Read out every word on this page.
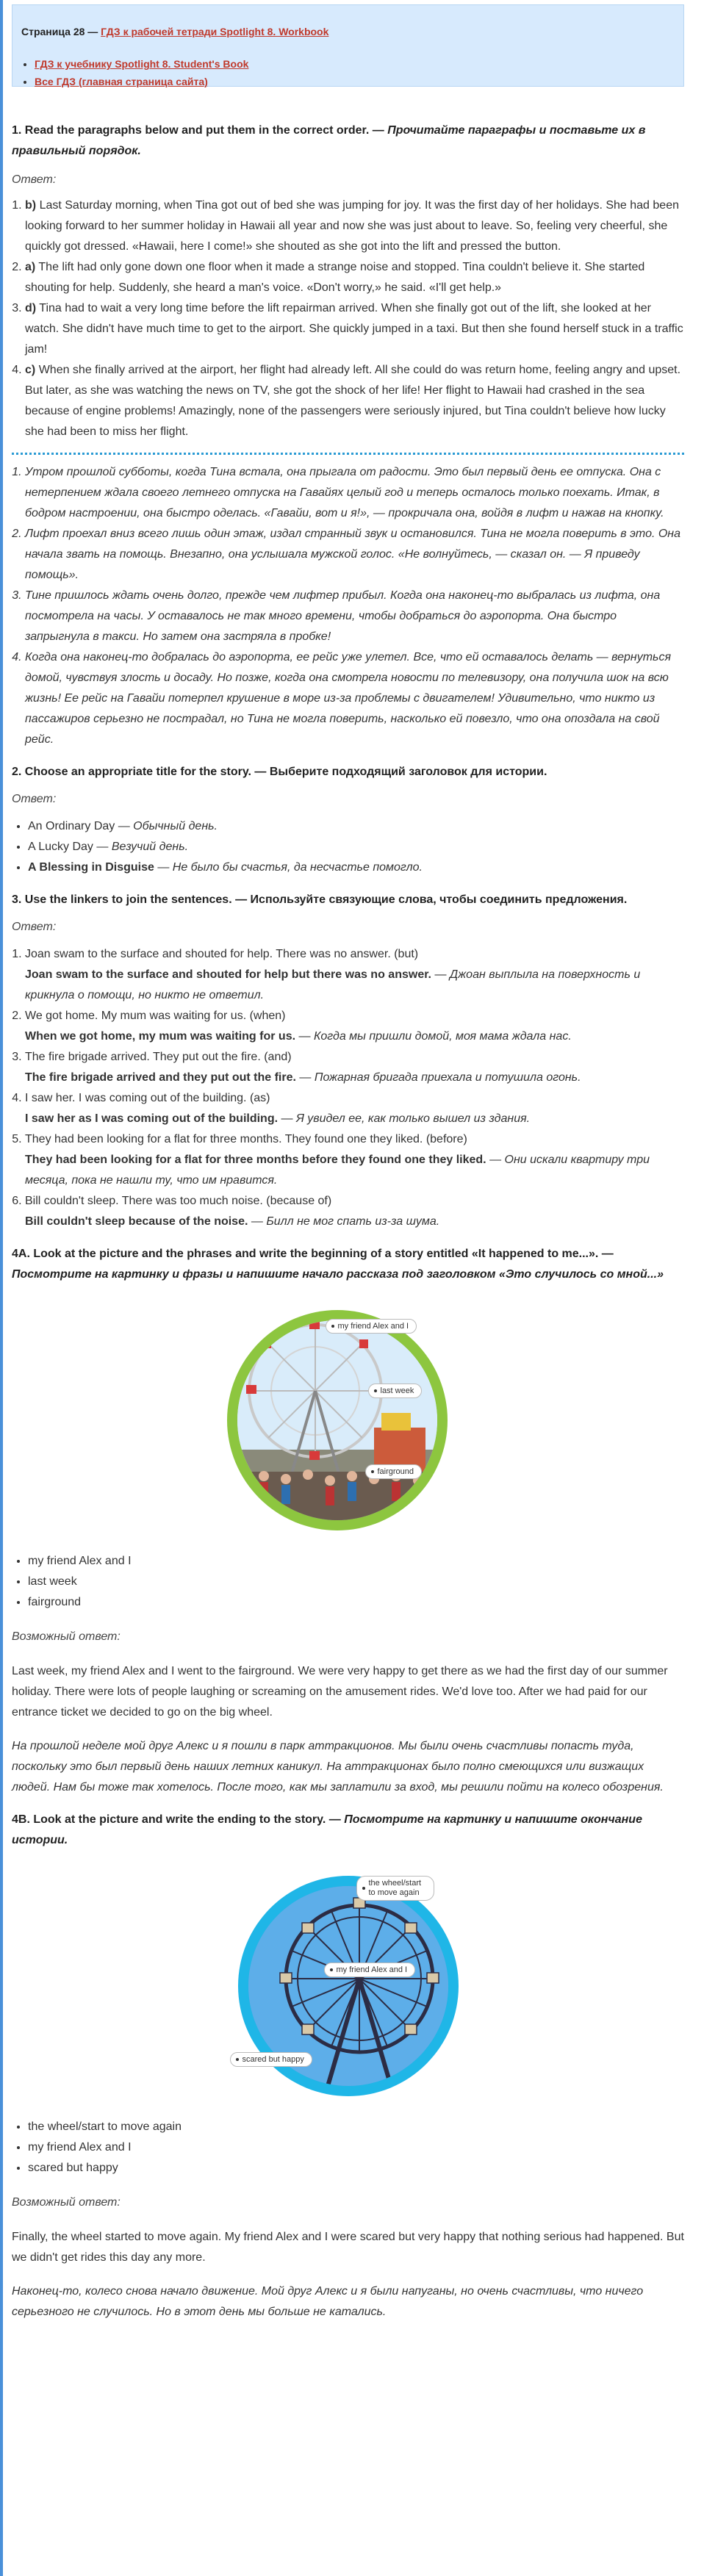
Страница 28 — ГДЗ к рабочей тетради Spotlight 8. Workbook
• ГДЗ к учебнику Spotlight 8. Student's Book
• Все ГДЗ (главная страница сайта)
1. Read the paragraphs below and put them in the correct order. — Прочитайте параграфы и поставьте их в правильный порядок.

Ответ:

1. b) Last Saturday morning, when Tina got out of bed she was jumping for joy. It was the first day of her holidays. She had been looking forward to her summer holiday in Hawaii all year and now she was just about to leave. So, feeling very cheerful, she quickly got dressed. «Hawaii, here I come!» she shouted as she got into the lift and pressed the button.
2. a) The lift had only gone down one floor when it made a strange noise and stopped. Tina couldn't believe it. She started shouting for help. Suddenly, she heard a man's voice. «Don't worry,» he said. «I'll get help.»
3. d) Tina had to wait a very long time before the lift repairman arrived. When she finally got out of the lift, she looked at her watch. She didn't have much time to get to the airport. She quickly jumped in a taxi. But then she found herself stuck in a traffic jam!
4. c) When she finally arrived at the airport, her flight had already left. All she could do was return home, feeling angry and upset. But later, as she was watching the news on TV, she got the shock of her life! Her flight to Hawaii had crashed in the sea because of engine problems! Amazingly, none of the passengers were seriously injured, but Tina couldn't believe how lucky she had been to miss her flight.
1. Утром прошлой субботы, когда Тина встала, она прыгала от радости. Это был первый день ее отпуска. Она с нетерпением ждала своего летнего отпуска на Гавайях целый год и теперь осталось только поехать. Итак, в бодром настроении, она быстро оделась. «Гавайи, вот и я!», — прокричала она, войдя в лифт и нажав на кнопку.
2. Лифт проехал вниз всего лишь один этаж, издал странный звук и остановился. Тина не могла поверить в это. Она начала звать на помощь. Внезапно, она услышала мужской голос. «Не волнуйтесь, — сказал он. — Я приведу помощь».
3. Тине пришлось ждать очень долго, прежде чем лифтер прибыл. Когда она наконец-то выбралась из лифта, она посмотрела на часы. У оставалось не так много времени, чтобы добраться до аэропорта. Она быстро запрыгнула в такси. Но затем она застряла в пробке!
4. Когда она наконец-то добралась до аэропорта, ее рейс уже улетел. Все, что ей оставалось делать — вернуться домой, чувствуя злость и досаду. Но позже, когда она смотрела новости по телевизору, она получила шок на всю жизнь! Ее рейс на Гавайи потерпел крушение в море из-за проблемы с двигателем! Удивительно, что никто из пассажиров серьезно не пострадал, но Тина не могла поверить, насколько ей повезло, что она опоздала на свой рейс.
2. Choose an appropriate title for the story. — Выберите подходящий заголовок для истории.

Ответ:

• An Ordinary Day — Обычный день.
• A Lucky Day — Везучий день.
• A Blessing in Disguise — Не было бы счастья, да несчастье помогло.
3. Use the linkers to join the sentences. — Используйте связующие слова, чтобы соединить предложения.

Ответ:

1. Joan swam to the surface and shouted for help. There was no answer. (but)
Joan swam to the surface and shouted for help but there was no answer. — Джоан выплыла на поверхность и крикнула о помощи, но никто не ответил.
2. We got home. My mum was waiting for us. (when)
When we got home, my mum was waiting for us. — Когда мы пришли домой, моя мама ждала нас.
3. The fire brigade arrived. They put out the fire. (and)
The fire brigade arrived and they put out the fire. — Пожарная бригада приехала и потушила огонь.
4. I saw her. I was coming out of the building. (as)
I saw her as I was coming out of the building. — Я увидел ее, как только вышел из здания.
5. They had been looking for a flat for three months. They found one they liked. (before)
They had been looking for a flat for three months before they found one they liked. — Они искали квартиру три месяца, пока не нашли ту, что им нравится.
6. Bill couldn't sleep. There was too much noise. (because of)
Bill couldn't sleep because of the noise. — Билл не мог спать из-за шума.
4A. Look at the picture and the phrases and write the beginning of a story entitled «It happened to me...». — Посмотрите на картинку и фразы и напишите начало рассказа под заголовком «Это случилось со мной...»
my friend Alex and I
last week
fairground
• my friend Alex and I
• last week
• fairground

Возможный ответ:

Last week, my friend Alex and I went to the fairground. We were very happy to get there as we had the first day of our summer holiday. There were lots of people laughing or screaming on the amusement rides. We'd love too. After we had paid for our entrance ticket we decided to go on the big wheel.

На прошлой неделе мой друг Алекс и я пошли в парк аттракционов. Мы были очень счастливы попасть туда, поскольку это был первый день наших летних каникул. На аттракционах было полно смеющихся или визжащих людей. Нам бы тоже так хотелось. После того, как мы заплатили за вход, мы решили пойти на колесо обозрения.

4B. Look at the picture and write the ending to the story. — Посмотрите на картинку и напишите окончание истории.
the wheel/start to move again
my friend Alex and I
scared but happy
• the wheel/start to move again
• my friend Alex and I
• scared but happy

Возможный ответ:

Finally, the wheel started to move again. My friend Alex and I were scared but very happy that nothing serious had happened. But we didn't get rides this day any more.

Наконец-то, колесо снова начало движение. Мой друг Алекс и я были напуганы, но очень счастливы, что ничего серьезного не случилось. Но в этот день мы больше не катались.
